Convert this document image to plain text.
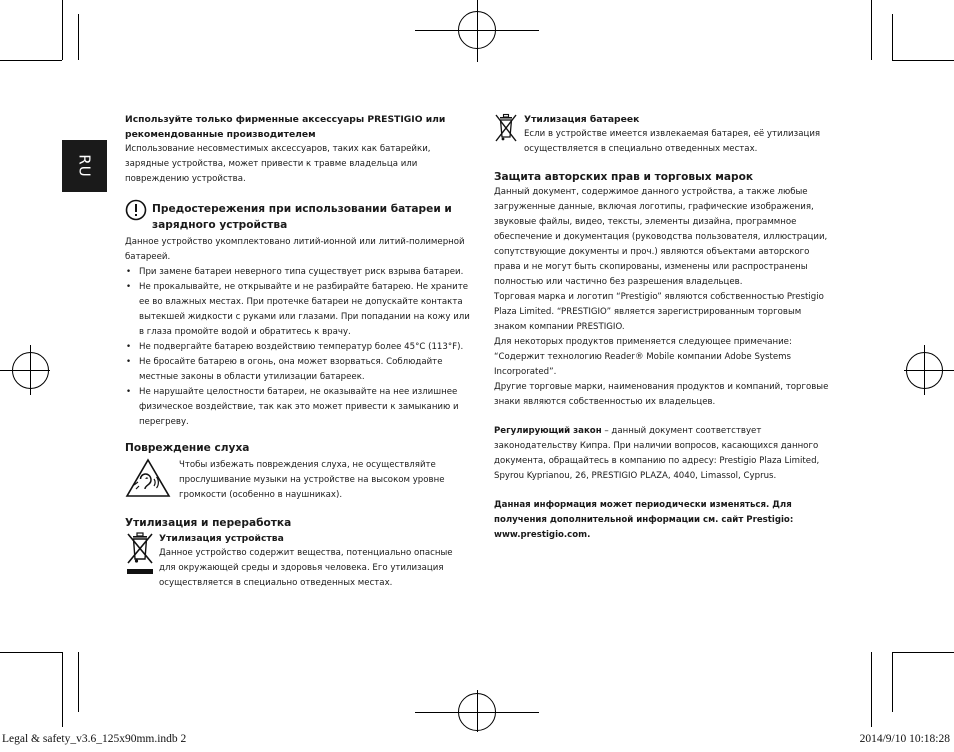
RU

Используйте только фирменные аксессуары PRESTIGIO или рекомендованные производителем

Использование несовместимых аксессуаров, таких как батарейки, зарядные устройства, может привести к травме владельца или повреждению устройства.

Предостережения при использовании батареи и зарядного устройства

Данное устройство укомплектовано литий-ионной или литий-полимерной батареей.

• При замене батареи неверного типа существует риск взрыва батареи.
• Не прокалывайте, не открывайте и не разбирайте батарею. Не храните ее во влажных местах. При протечке батареи не допускайте контакта вытекшей жидкости с руками или глазами. При попадании на кожу или в глаза промойте водой и обратитесь к врачу.
• Не подвергайте батарею воздействию температур более 45°C (113°F).
• Не бросайте батарею в огонь, она может взорваться. Соблюдайте местные законы в области утилизации батареек.
• Не нарушайте целостности батареи, не оказывайте на нее излишнее физическое воздействие, так как это может привести к замыканию и перегреву.

Повреждение слуха

Чтобы избежать повреждения слуха, не осуществляйте прослушивание музыки на устройстве на высоком уровне громкости (особенно в наушниках).

Утилизация и переработка

Утилизация устройства

Данное устройство содержит вещества, потенциально опасные для окружающей среды и здоровья человека. Его утилизация осуществляется в специально отведенных местах.

Утилизация батареек

Если в устройстве имеется извлекаемая батарея, её утилизация осуществляется в специально отведенных местах.

Защита авторских прав и торговых марок

Данный документ, содержимое данного устройства, а также любые загруженные данные, включая логотипы, графические изображения, звуковые файлы, видео, тексты, элементы дизайна, программное обеспечение и документация (руководства пользователя, иллюстрации, сопутствующие документы и проч.) являются объектами авторского права и не могут быть скопированы, изменены или распространены полностью или частично без разрешения владельцев.

Торговая марка и логотип “Prestigio” являются собственностью Prestigio Plaza Limited. “PRESTIGIO” является зарегистрированным торговым знаком компании PRESTIGIO.

Для некоторых продуктов применяется следующее примечание: “Содержит технологию Reader® Mobile компании Adobe Systems Incorporated”.

Другие торговые марки, наименования продуктов и компаний, торговые знаки являются собственностью их владельцев.

Регулирующий закон – данный документ соответствует законодательству Кипра. При наличии вопросов, касающихся данного документа, обращайтесь в компанию по адресу: Prestigio Plaza Limited, Spyrou Kyprianou, 26, PRESTIGIO PLAZA, 4040, Limassol, Cyprus.

Данная информация может периодически изменяться. Для получения дополнительной информации см. сайт Prestigio: www.prestigio.com.

Legal & safety_v3.6_125x90mm.indb 2	2014/9/10 10:18:28
